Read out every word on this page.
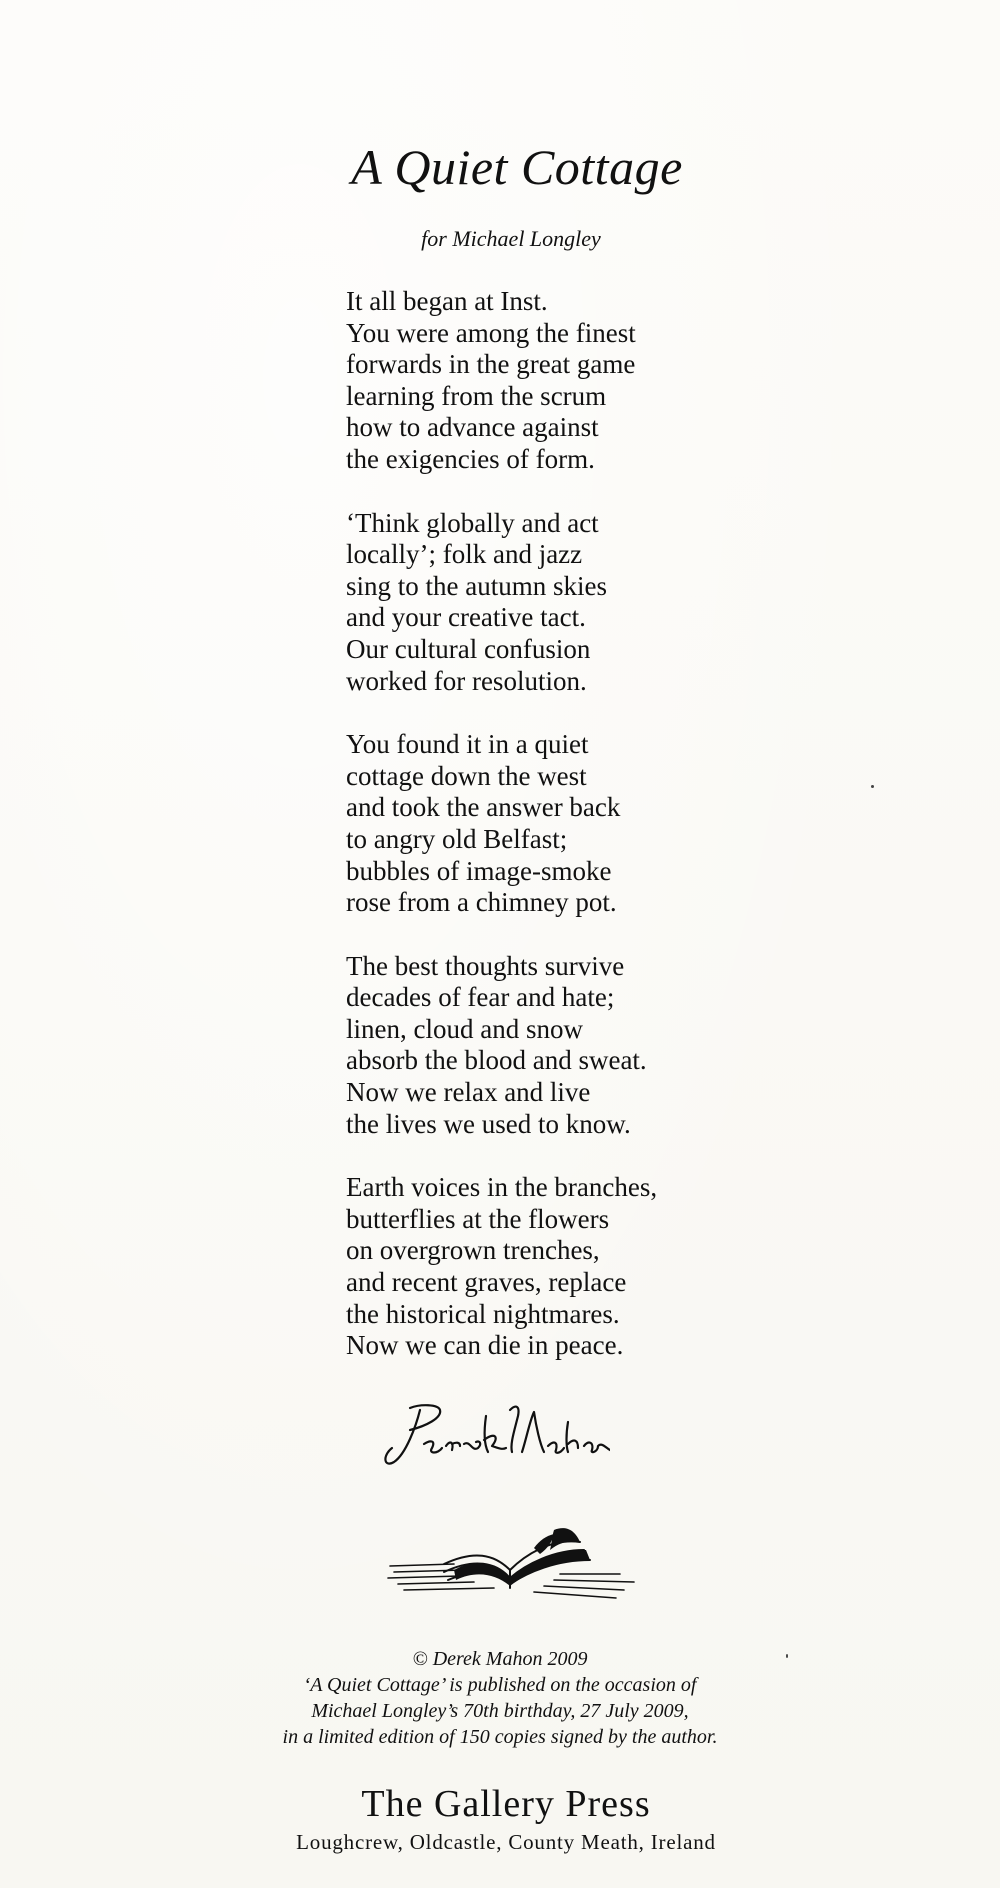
A Quiet Cottage

for Michael Longley

It all began at Inst.
You were among the finest
forwards in the great game
learning from the scrum
how to advance against
the exigencies of form.
‘Think globally and act
locally’; folk and jazz
sing to the autumn skies
and your creative tact.
Our cultural confusion
worked for resolution.
You found it in a quiet
cottage down the west
and took the answer back
to angry old Belfast;
bubbles of image-smoke
rose from a chimney pot.
The best thoughts survive
decades of fear and hate;
linen, cloud and snow
absorb the blood and sweat.
Now we relax and live
the lives we used to know.
Earth voices in the branches,
butterflies at the flowers
on overgrown trenches,
and recent graves, replace
the historical nightmares.
Now we can die in peace.
© Derek Mahon 2009
‘A Quiet Cottage’ is published on the occasion of
Michael Longley’s 70th birthday, 27 July 2009,
in a limited edition of 150 copies signed by the author.
The Gallery Press
Loughcrew, Oldcastle, County Meath, Ireland
